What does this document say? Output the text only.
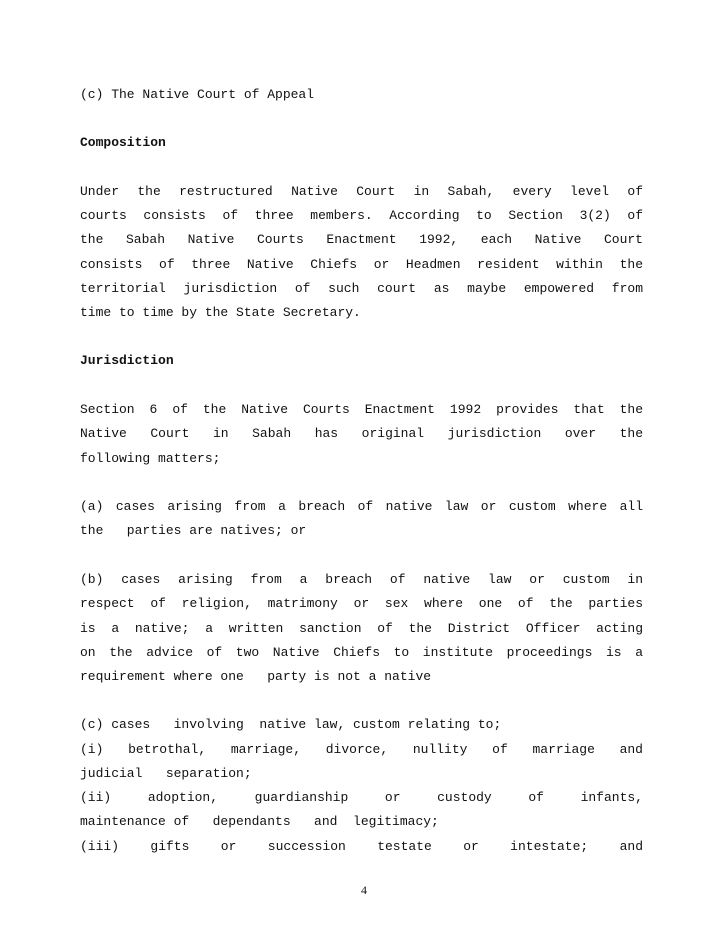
(c) The Native Court of Appeal
Composition
Under the restructured Native Court in Sabah, every level of
courts consists of three members. According to Section 3(2) of
the Sabah Native Courts Enactment 1992, each Native Court
consists of three Native Chiefs or Headmen resident within the
territorial jurisdiction of such court as maybe empowered from
time to time by the State Secretary.
Jurisdiction
Section 6 of the Native Courts Enactment 1992 provides that the
Native Court in Sabah has original jurisdiction over the
following matters;
(a) cases arising from a breach of native law or custom where all
the   parties are natives; or
(b) cases arising from a breach of native law or custom in
respect of religion, matrimony or sex where one of the parties
is a native; a written sanction of the District Officer acting
on the advice of two Native Chiefs to institute proceedings is a
requirement where one   party is not a native
(c) cases   involving  native law, custom relating to;
(i) betrothal, marriage, divorce, nullity of marriage and
judicial   separation;
(ii) adoption, guardianship or custody of infants,
maintenance of   dependants   and  legitimacy;
(iii) gifts or succession testate or intestate; and
4
